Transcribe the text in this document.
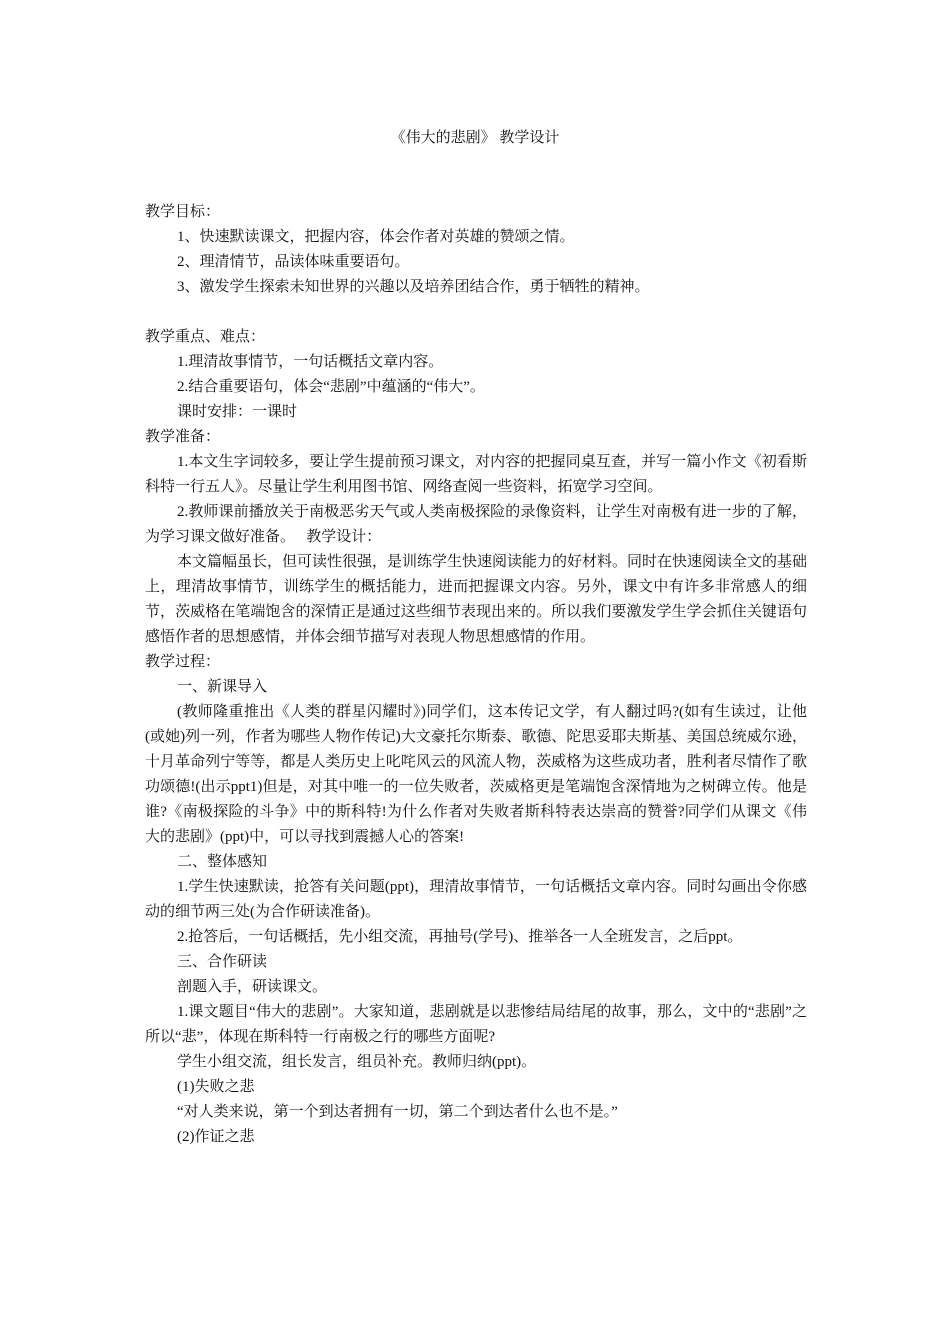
《伟大的悲剧》 教学设计

教学目标：

1、快速默读课文，把握内容，体会作者对英雄的赞颂之情。

2、理清情节，品读体味重要语句。

3、激发学生探索未知世界的兴趣以及培养团结合作，勇于牺牲的精神。

教学重点、难点：

1.理清故事情节，一句话概括文章内容。

2.结合重要语句，体会“悲剧”中蕴涵的“伟大”。

课时安排：一课时

教学准备：

1.本文生字词较多，要让学生提前预习课文，对内容的把握同桌互查，并写一篇小作文《初看斯科特一行五人》。尽量让学生利用图书馆、网络查阅一些资料，拓宽学习空间。

2.教师课前播放关于南极恶劣天气或人类南极探险的录像资料，让学生对南极有进一步的了解，为学习课文做好准备。　 教学设计：

本文篇幅虽长，但可读性很强，是训练学生快速阅读能力的好材料。同时在快速阅读全文的基础上，理清故事情节，训练学生的概括能力，进而把握课文内容。另外，课文中有许多非常感人的细节，茨威格在笔端饱含的深情正是通过这些细节表现出来的。所以我们要激发学生学会抓住关键语句感悟作者的思想感情，并体会细节描写对表现人物思想感情的作用。

教学过程：

一、新课导入

(教师隆重推出《人类的群星闪耀时》)同学们，这本传记文学，有人翻过吗?(如有生读过，让他(或她)列一列，作者为哪些人物作传记)大文豪托尔斯泰、歌德、陀思妥耶夫斯基、美国总统威尔逊，十月革命列宁等等，都是人类历史上叱咤风云的风流人物，茨威格为这些成功者，胜利者尽情作了歌功颂德!(出示ppt1)但是，对其中唯一的一位失败者，茨威格更是笔端饱含深情地为之树碑立传。他是谁?《南极探险的斗争》中的斯科特!为什么作者对失败者斯科特表达崇高的赞誉?同学们从课文《伟大的悲剧》(ppt)中，可以寻找到震撼人心的答案!

二、整体感知

1.学生快速默读，抢答有关问题(ppt)，理清故事情节，一句话概括文章内容。同时勾画出令你感动的细节两三处(为合作研读准备)。

2.抢答后，一句话概括，先小组交流，再抽号(学号)、推举各一人全班发言，之后ppt。

三、合作研读

剖题入手，研读课文。

1.课文题目“伟大的悲剧”。大家知道，悲剧就是以悲惨结局结尾的故事，那么，文中的“悲剧”之所以“悲”，体现在斯科特一行南极之行的哪些方面呢?

学生小组交流，组长发言，组员补充。教师归纳(ppt)。

(1)失败之悲

“对人类来说，第一个到达者拥有一切，第二个到达者什么也不是。”

(2)作证之悲
